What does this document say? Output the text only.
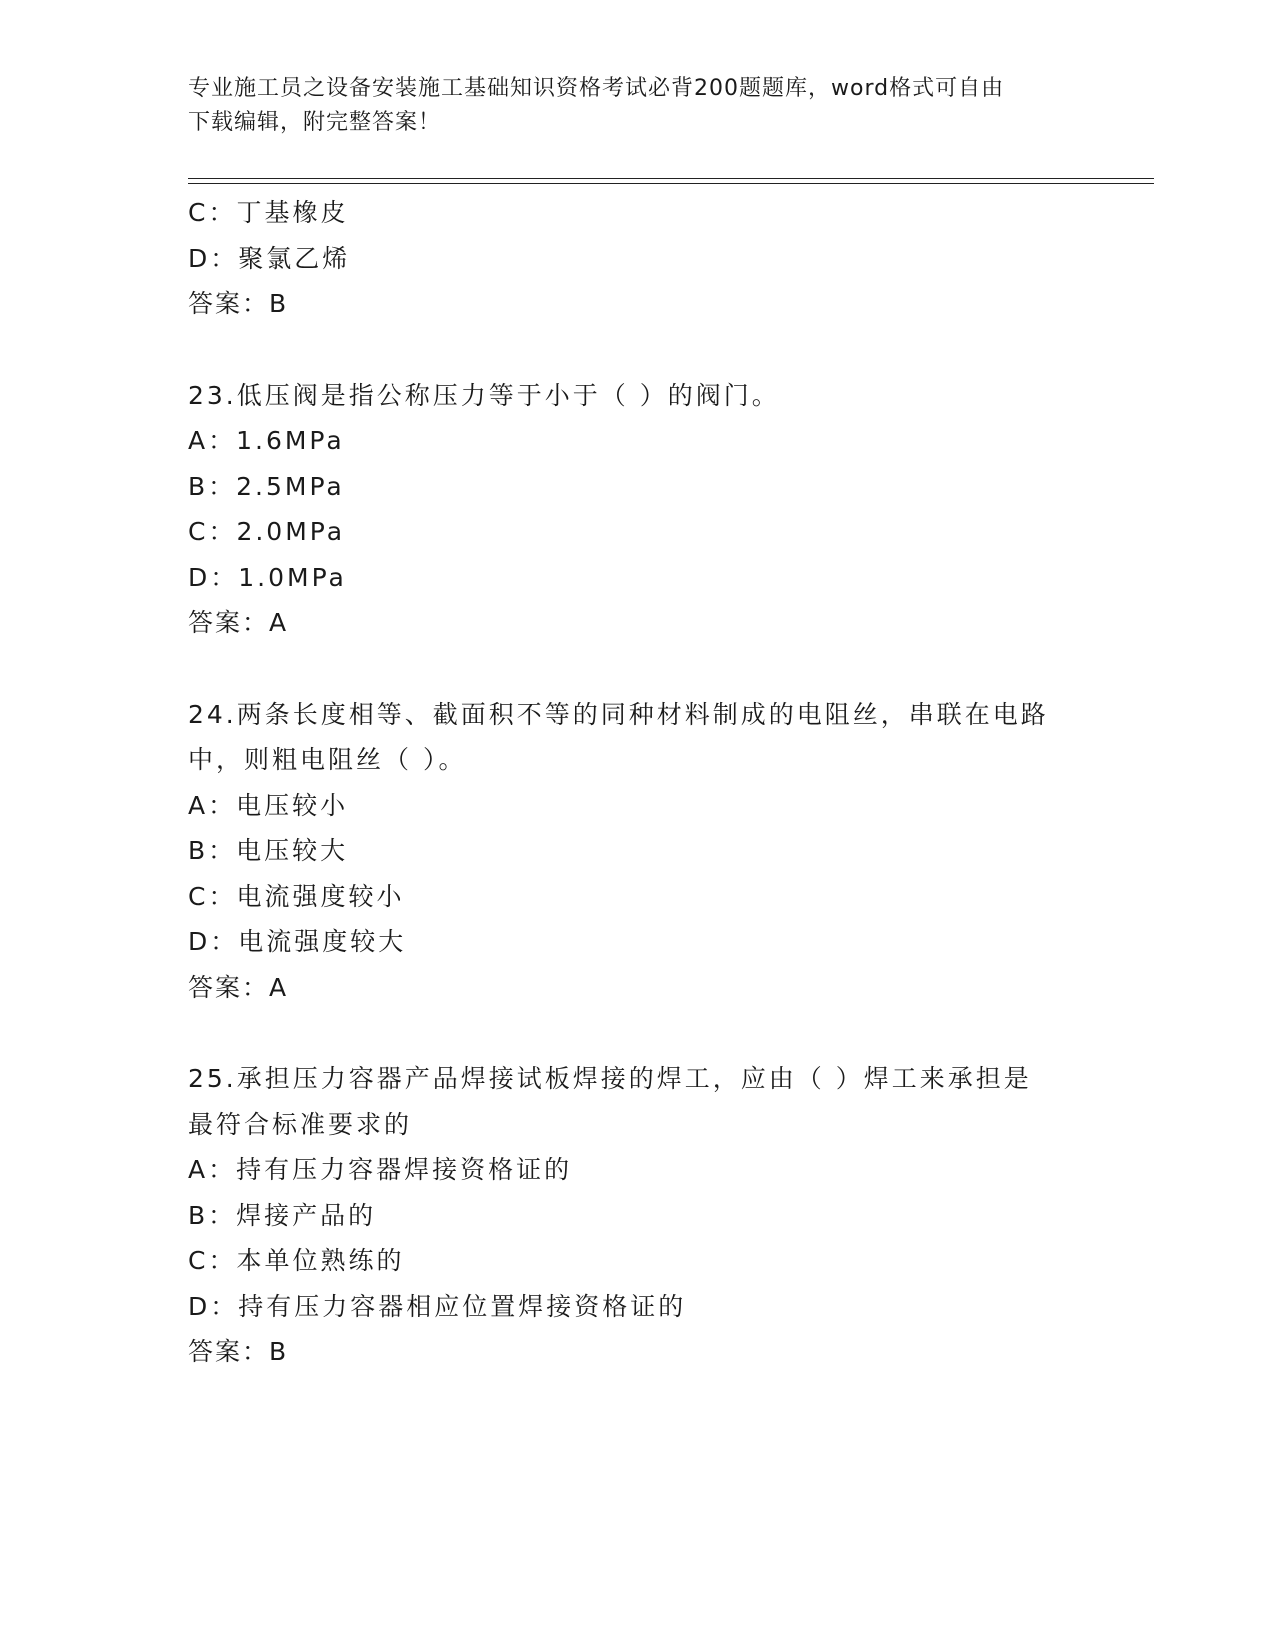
专业施工员之设备安装施工基础知识资格考试必背200题题库，word格式可自由
下载编辑，附完整答案！
C：丁基橡皮
D：聚氯乙烯
答案：B
23.低压阀是指公称压力等于小于（ ）的阀门。
A：1.6MPa
B：2.5MPa
C：2.0MPa
D：1.0MPa
答案：A
24.两条长度相等、截面积不等的同种材料制成的电阻丝，串联在电路
中，则粗电阻丝（ ）。
A：电压较小
B：电压较大
C：电流强度较小
D：电流强度较大
答案：A
25.承担压力容器产品焊接试板焊接的焊工，应由（ ）焊工来承担是
最符合标准要求的
A：持有压力容器焊接资格证的
B：焊接产品的
C：本单位熟练的
D：持有压力容器相应位置焊接资格证的
答案：B
